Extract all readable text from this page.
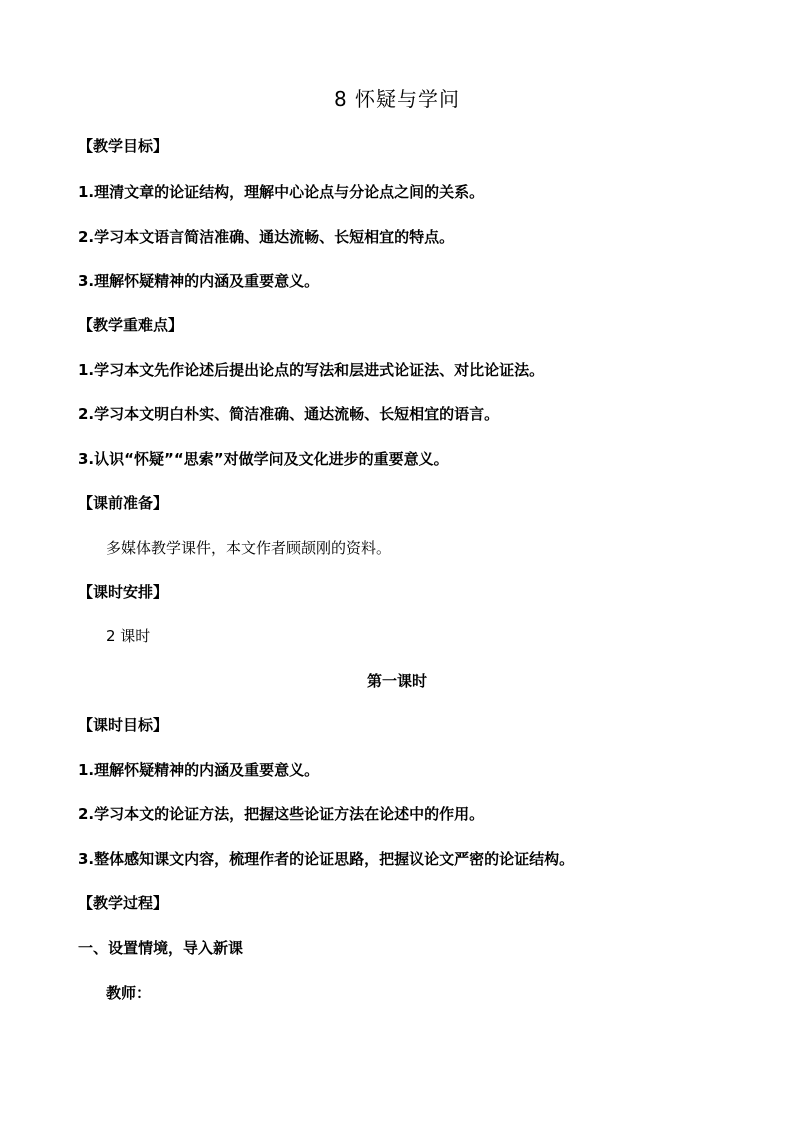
8 怀疑与学问
【教学目标】
1.理清文章的论证结构，理解中心论点与分论点之间的关系。
2.学习本文语言简洁准确、通达流畅、长短相宜的特点。
3.理解怀疑精神的内涵及重要意义。
【教学重难点】
1.学习本文先作论述后提出论点的写法和层进式论证法、对比论证法。
2.学习本文明白朴实、简洁准确、通达流畅、长短相宜的语言。
3.认识“怀疑”“思索”对做学问及文化进步的重要意义。
【课前准备】
多媒体教学课件，本文作者顾颉刚的资料。
【课时安排】
2 课时
第一课时
【课时目标】
1.理解怀疑精神的内涵及重要意义。
2.学习本文的论证方法，把握这些论证方法在论述中的作用。
3.整体感知课文内容，梳理作者的论证思路，把握议论文严密的论证结构。
【教学过程】
一、设置情境，导入新课
教师：
